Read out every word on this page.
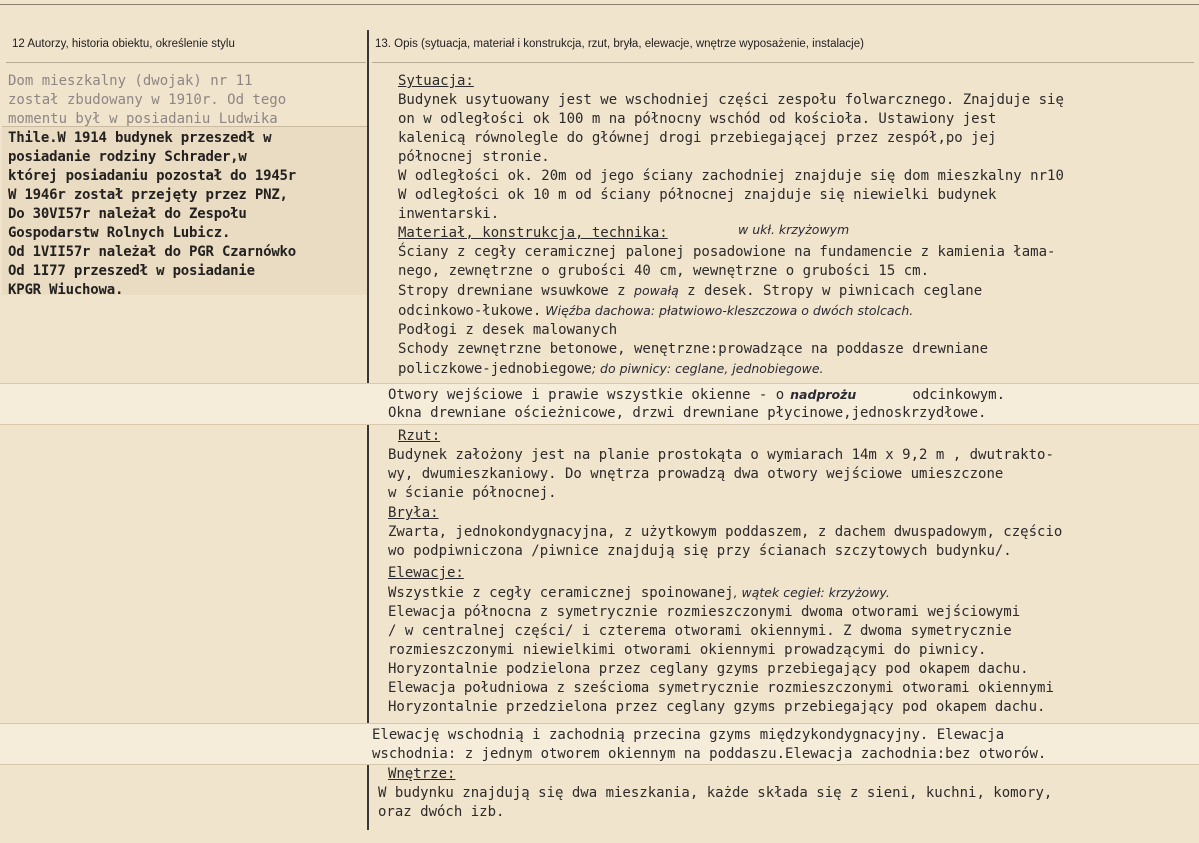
12 Autorzy, historia obiektu, określenie stylu	13. Opis (sytuacja, materiał i konstrukcja, rzut, bryła, elewacje, wnętrze wyposażenie, instalacje)
Dom mieszkalny (dwojak) nr 11
został zbudowany w 1910r. Od tego
momentu był w posiadaniu Ludwika
Thile.W 1914 budynek przeszedł w
posiadanie rodziny Schrader,w
której posiadaniu pozostał do 1945r
W 1946r został przejęty przez PNZ,
Do 30VI57r należał do Zespołu
Gospodarstw Rolnych Lubicz.
Od 1VII57r należał do PGR Czarnówko
Od 1I77 przeszedł w posiadanie
KPGR Wiuchowa.
Sytuacja:
Budynek usytuowany jest we wschodniej części zespołu folwarcznego. Znajduje się
on w odległości ok 100 m na północny wschód od kościoła. Ustawiony jest
kalenicą równolegle do głównej drogi przebiegającej przez zespół,po jej
północnej stronie.
W odległości ok. 20m od jego ściany zachodniej znajduje się dom mieszkalny nr10
W odległości ok 10 m od ściany północnej znajduje się niewielki budynek
inwentarski.
Materiał, konstrukcja, technika:	w ukł. krzyżowym
Ściany z cegły ceramicznej palonej posadowione na fundamencie z kamienia łama-
nego, zewnętrzne o grubości 40 cm, wewnętrzne o grubości 15 cm.
Stropy drewniane wsuwkowe z powałą z desek. Stropy w piwnicach ceglane
odcinkowo-łukowe. Więźba dachowa: płatwiowo-kleszczowa o dwóch stolcach.
Podłogi z desek malowanych
Schody zewnętrzne betonowe, wenętrzne:prowadzące na poddasze drewniane
policzkowe-jednobiegowe; do piwnicy: ceglane, jednobiegowe.
Otwory wejściowe i prawie wszystkie okienne - o nadprożu	odcinkowym.
Okna drewniane ościeżnicowe, drzwi drewniane płycinowe,jednoskrzydłowe.
Rzut:
Budynek założony jest na planie prostokąta o wymiarach 14m x 9,2 m , dwutrakto-
wy, dwumieszkaniowy. Do wnętrza prowadzą dwa otwory wejściowe umieszczone
w ścianie północnej.
Bryła:
Zwarta, jednokondygnacyjna, z użytkowym poddaszem, z dachem dwuspadowym, częścio
wo podpiwniczona /piwnice znajdują się przy ścianach szczytowych budynku/.
Elewacje:
Wszystkie z cegły ceramicznej spoinowanej, wątek cegieł: krzyżowy.
Elewacja północna z symetrycznie rozmieszczonymi dwoma otworami wejściowymi
/ w centralnej części/ i czterema otworami okiennymi. Z dwoma symetrycznie
rozmieszczonymi niewielkimi otworami okiennymi prowadzącymi do piwnicy.
Horyzontalnie podzielona przez ceglany gzyms przebiegający pod okapem dachu.
Elewacja południowa z sześcioma symetrycznie rozmieszczonymi otworami okiennymi
Horyzontalnie przedzielona przez ceglany gzyms przebiegający pod okapem dachu.
Elewację wschodnią i zachodnią przecina gzyms międzykondygnacyjny. Elewacja
wschodnia: z jednym otworem okiennym na poddaszu.Elewacja zachodnia:bez otworów.
Wnętrze:
W budynku znajdują się dwa mieszkania, każde składa się z sieni, kuchni, komory,
oraz dwóch izb.
